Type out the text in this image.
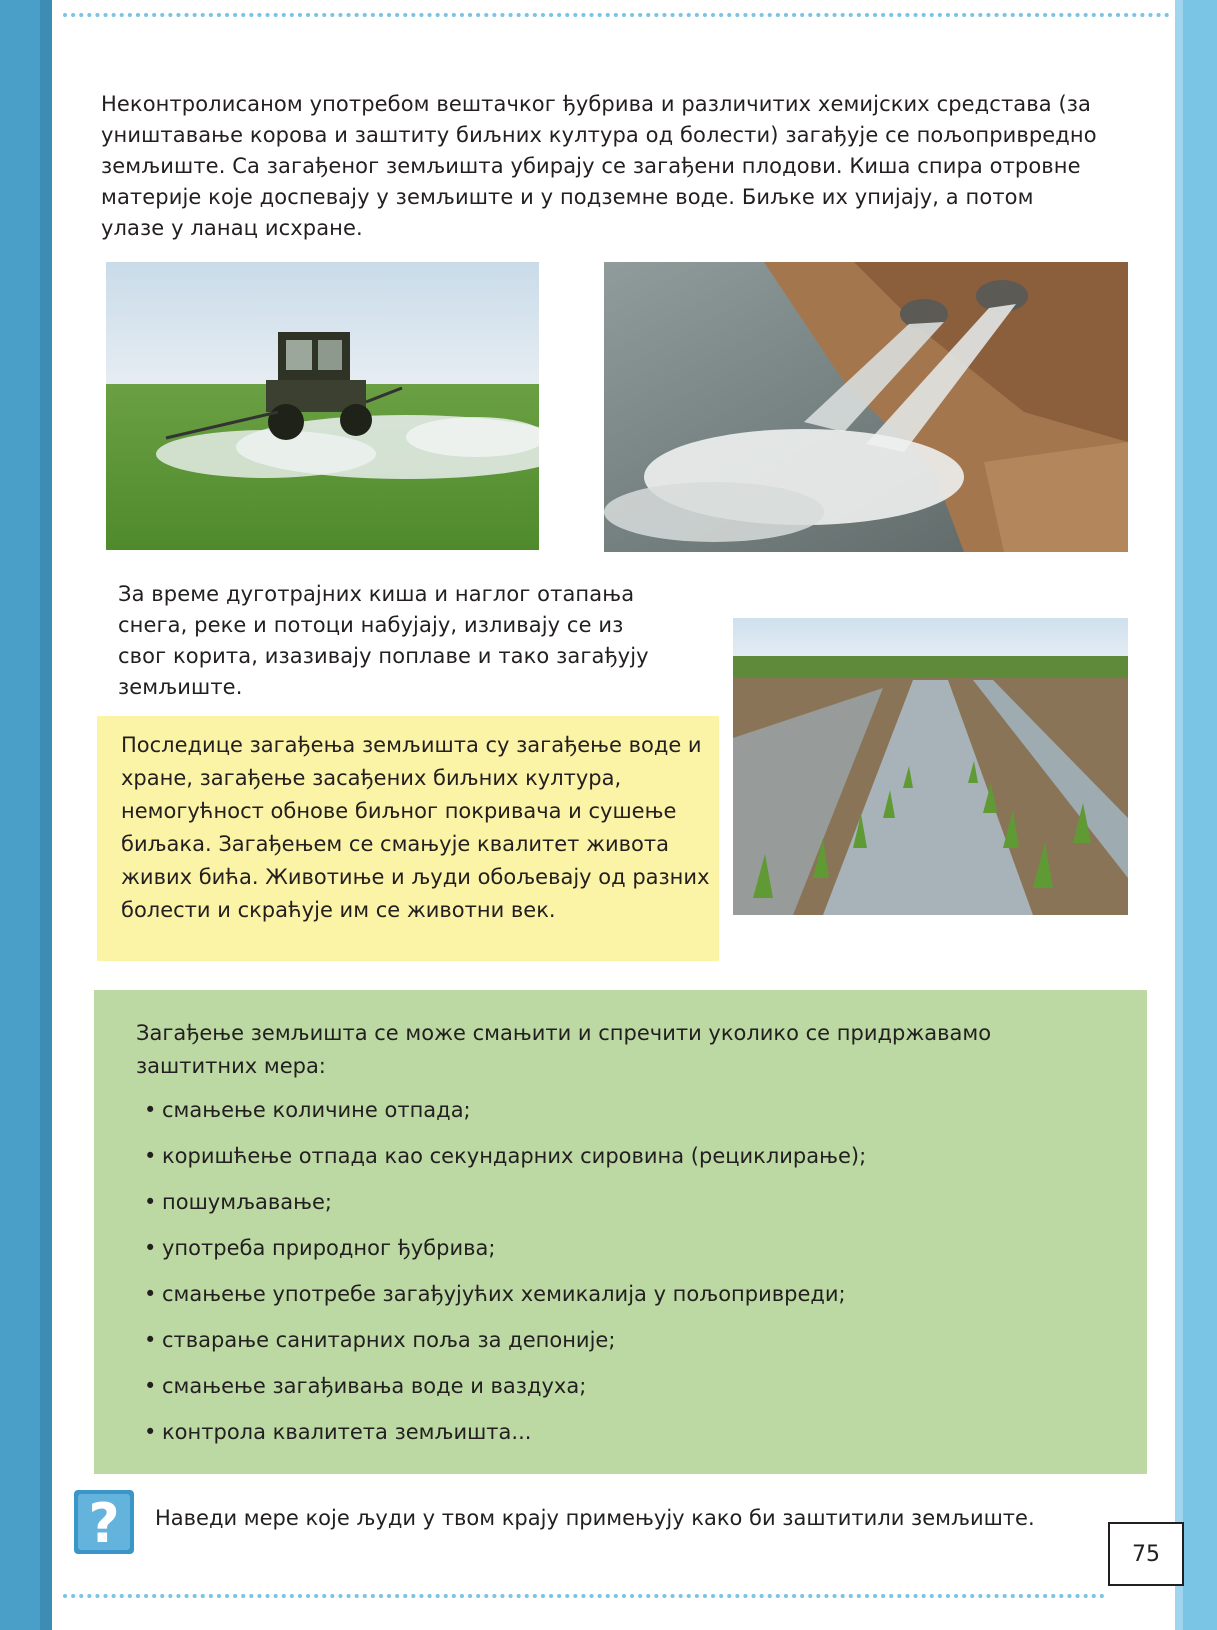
Неконтролисаном употребом вештачког ђубрива и различитих хемијских средстава (за уништавање корова и заштиту биљних култура од болести) загађује се пољопривредно земљиште. Са загађеног земљишта убирају се загађени плодови. Киша спира отровне материје које доспевају у земљиште и у подземне воде. Биљке их упијају, а потом улазе у ланац исхране.

За време дуготрајних киша и наглог отапања снега, реке и потоци набујају, изливају се из свог корита, изазивају поплаве и тако загађују земљиште.

Последице загађења земљишта су загађење воде и хране, загађење засађених биљних култура, немогућност обнове биљног покривача и сушење биљака. Загађењем се смањује квалитет живота живих бића. Животиње и људи обољевају од разних болести и скраћује им се животни век.

Загађење земљишта се може смањити и спречити уколико се придржавамо заштитних мера:

• смањење количине отпада;
• коришћење отпада као секундарних сировина (рециклирање);
• пошумљавање;
• употреба природног ђубрива;
• смањење употребе загађујућих хемикалија у пољопривреди;
• стварање санитарних поља за депоније;
• смањење загађивања воде и ваздуха;
• контрола квалитета земљишта...
? Наведи мере које људи у твом крају примењују како би заштитили земљиште.

75
